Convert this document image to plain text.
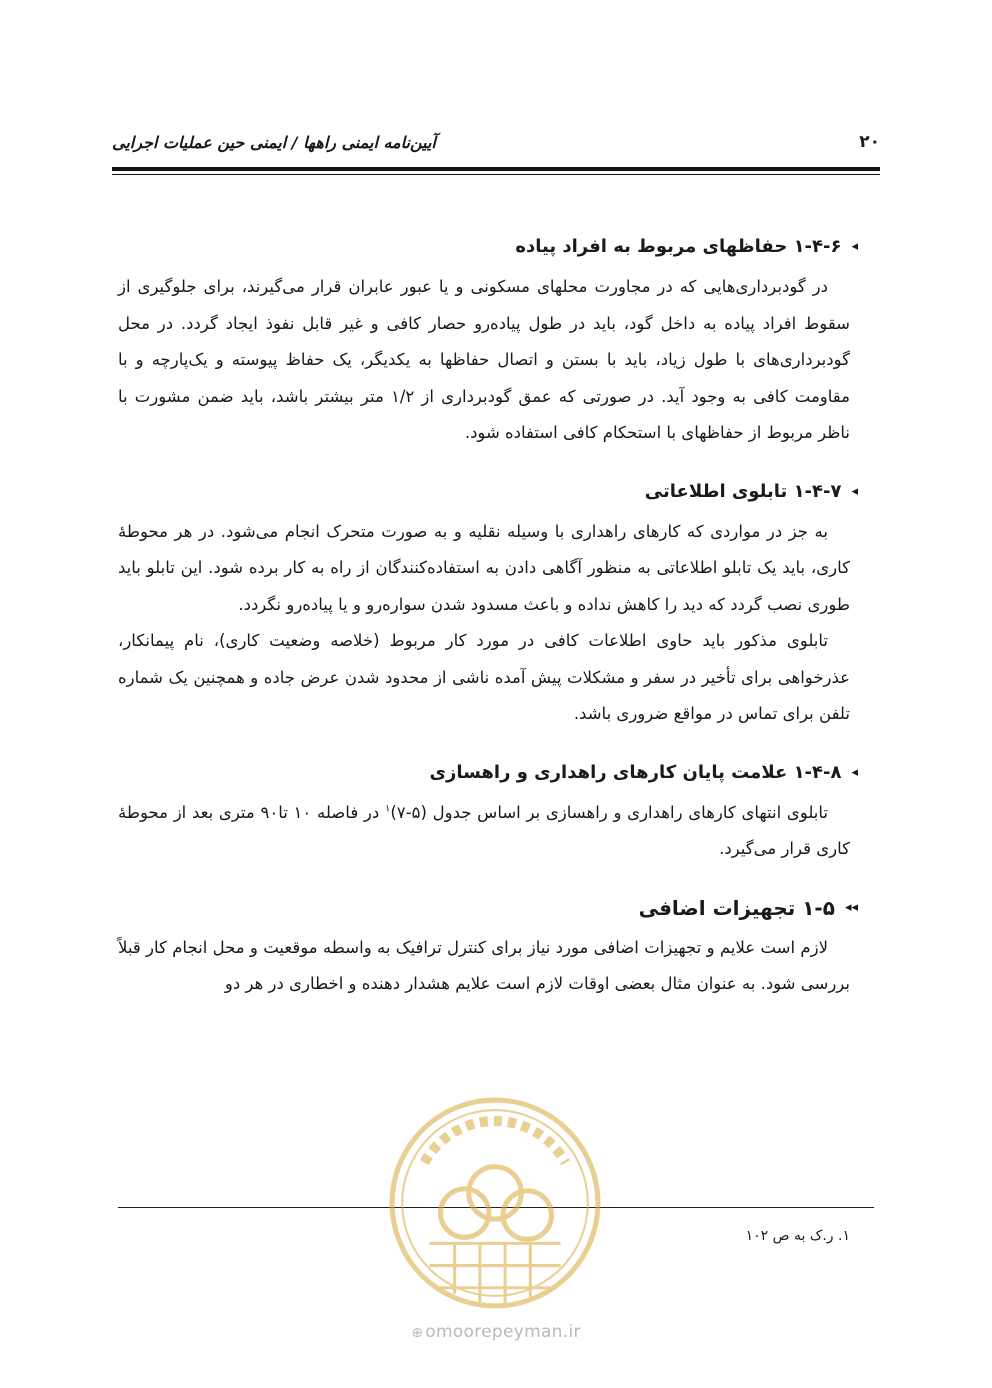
۲۰
آیین‌نامه ایمنی راهها / ایمنی حین عملیات اجرایی
◂
۱-۴-۶ حفاظهای مربوط به افراد پیاده

در گودبرداری‌هایی که در مجاورت محلهای مسکونی و یا عبور عابران قرار می‌گیرند، برای جلوگیری از سقوط افراد پیاده به داخل گود، باید در طول پیاده‌رو حصار کافی و غیر قابل نفوذ ایجاد گردد. در محل گودبرداری‌های با طول زیاد، باید با بستن و اتصال حفاظها به یکدیگر، یک حفاظ پیوسته و یک‌پارچه و با مقاومت کافی به وجود آید. در صورتی که عمق گودبرداری از ۱/۲ متر بیشتر باشد، باید ضمن مشورت با ناظر مربوط از حفاظهای با استحکام کافی استفاده شود.

◂
۱-۴-۷ تابلوی اطلاعاتی

به جز در مواردی که کارهای راهداری با وسیله نقلیه و به صورت متحرک انجام می‌شود. در هر محوطهٔ کاری، باید یک تابلو اطلاعاتی به منظور آگاهی دادن به استفاده‌کنندگان از راه به کار برده شود. این تابلو باید طوری نصب گردد که دید را کاهش نداده و باعث مسدود شدن سواره‌رو و یا پیاده‌رو نگردد.

تابلوی مذکور باید حاوی اطلاعات کافی در مورد کار مربوط (خلاصه وضعیت کاری)، نام پیمانکار، عذرخواهی برای تأخیر در سفر و مشکلات پیش آمده ناشی از محدود شدن عرض جاده و همچنین یک شماره تلفن برای تماس در مواقع ضروری باشد.

◂
۱-۴-۸ علامت پایان کارهای راهداری و راهسازی

تابلوی انتهای کارهای راهداری و راهسازی بر اساس جدول (۵-۷)$^۱$ در فاصله ۱۰ تا۹۰ متری بعد از محوطهٔ کاری قرار می‌گیرد.

◂◂
۱-۵ تجهیزات اضافی

لازم است علایم و تجهیزات اضافی مورد نیاز برای کنترل ترافیک به واسطه موقعیت و محل انجام کار قبلاً بررسی شود. به عنوان مثال بعضی اوقات لازم است علایم هشدار دهنده و اخطاری در هر دو

۱. ر.ک به ص ۱۰۲
⊕ omoorepeyman.ir
